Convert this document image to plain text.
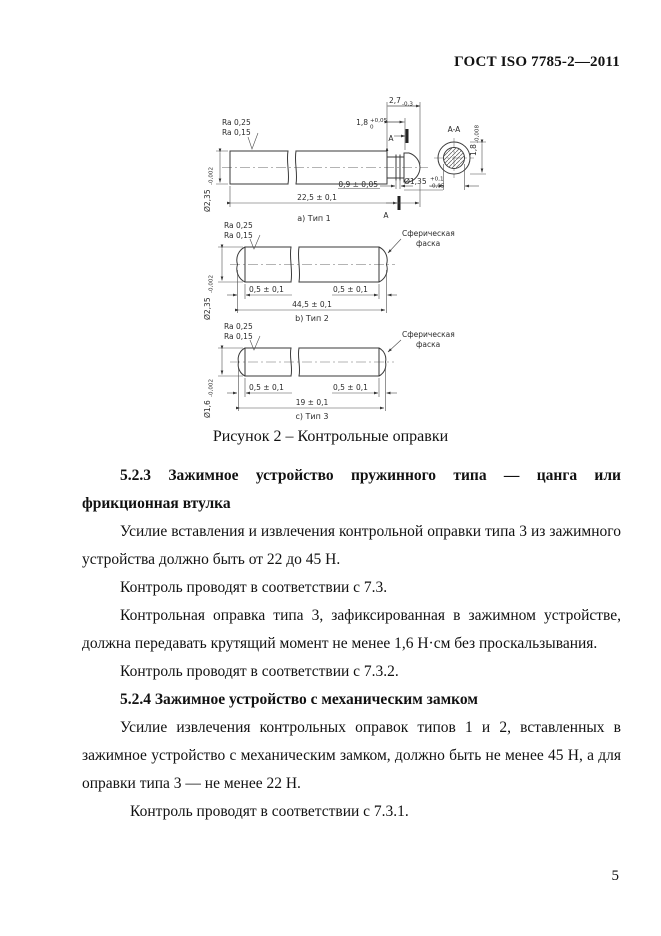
ГОСТ ISO 7785-2—2011
2,7 -0,3
1,8 +0,05
0
A
A
0,9 ± 0,05
22,5 ± 0,1
Ø2,35
-0,002
Ra 0,25
Ra 0,15
a) Тип 1
A-A
1,8
-0,008
Ø1,35 +0,1
-0,05
Ra 0,25
Ra 0,15	Сферическая
фаска
0,5 ± 0,1	0,5 ± 0,1
44,5 ± 0,1
Ø2,35
-0,002
b) Тип 2
Ra 0,25
Ra 0,15	Сферическая
фаска
0,5 ± 0,1	0,5 ± 0,1
19 ± 0,1
Ø1,6
-0,002
c) Тип 3
Рисунок 2 – Контрольные оправки

5.2.3 Зажимное устройство пружинного типа — цанга или фрикционная втулка

Усилие вставления и извлечения контрольной оправки типа 3 из зажимного устройства должно быть от 22 до 45 Н.

Контроль проводят в соответствии с 7.3.

Контрольная оправка типа 3, зафиксированная в зажимном устройстве, должна передавать крутящий момент не менее 1,6 Н·см без проскальзывания.

Контроль проводят в соответствии с 7.3.2.

5.2.4 Зажимное устройство с механическим замком

Усилие извлечения контрольных оправок типов 1 и 2, вставленных в зажимное устройство с механическим замком, должно быть не менее 45 Н, а для оправки типа 3 — не менее 22 Н.

Контроль проводят в соответствии с 7.3.1.

5
